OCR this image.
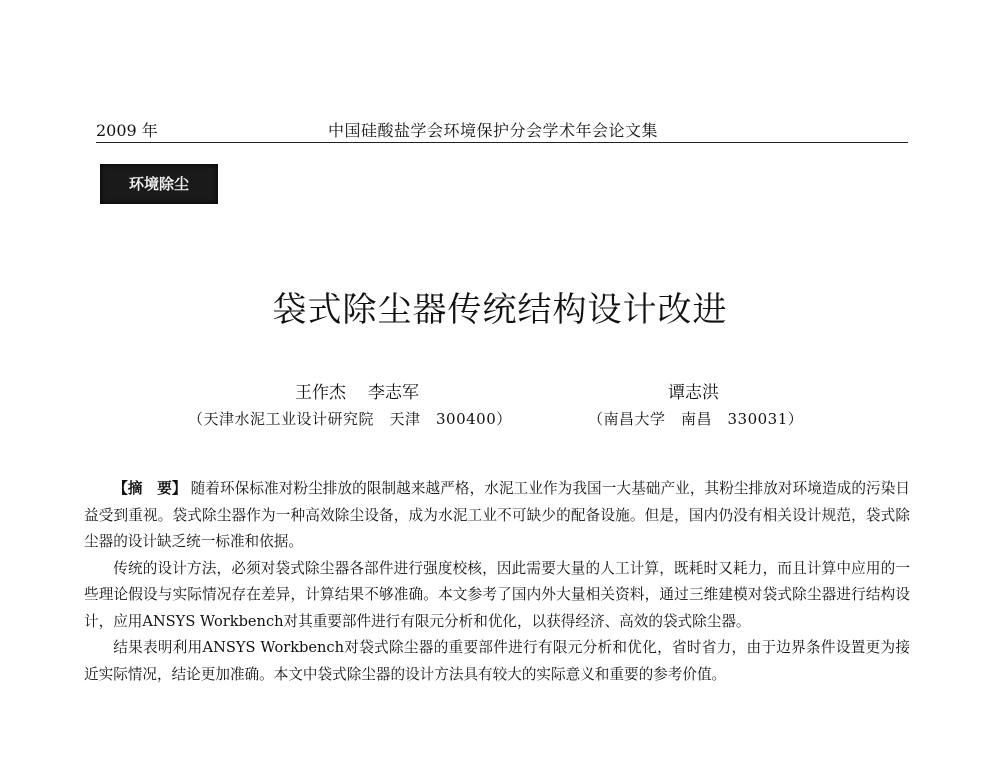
2009 年	中国硅酸盐学会环境保护分会学术年会论文集
环境除尘
袋式除尘器传统结构设计改进
王作杰 李志军	谭志洪
（天津水泥工业设计研究院　天津　300400）	（南昌大学　南昌　330031）

【摘　要】 随着环保标准对粉尘排放的限制越来越严格，水泥工业作为我国一大基础产业，其粉尘排放对环境造成的污染日益受到重视。袋式除尘器作为一种高效除尘设备，成为水泥工业不可缺少的配备设施。但是，国内仍没有相关设计规范，袋式除尘器的设计缺乏统一标准和依据。

传统的设计方法，必须对袋式除尘器各部件进行强度校核，因此需要大量的人工计算，既耗时又耗力，而且计算中应用的一些理论假设与实际情况存在差异，计算结果不够准确。本文参考了国内外大量相关资料，通过三维建模对袋式除尘器进行结构设计，应用ANSYS Workbench对其重要部件进行有限元分析和优化，以获得经济、高效的袋式除尘器。

结果表明利用ANSYS Workbench对袋式除尘器的重要部件进行有限元分析和优化，省时省力，由于边界条件设置更为接近实际情况，结论更加准确。本文中袋式除尘器的设计方法具有较大的实际意义和重要的参考价值。
